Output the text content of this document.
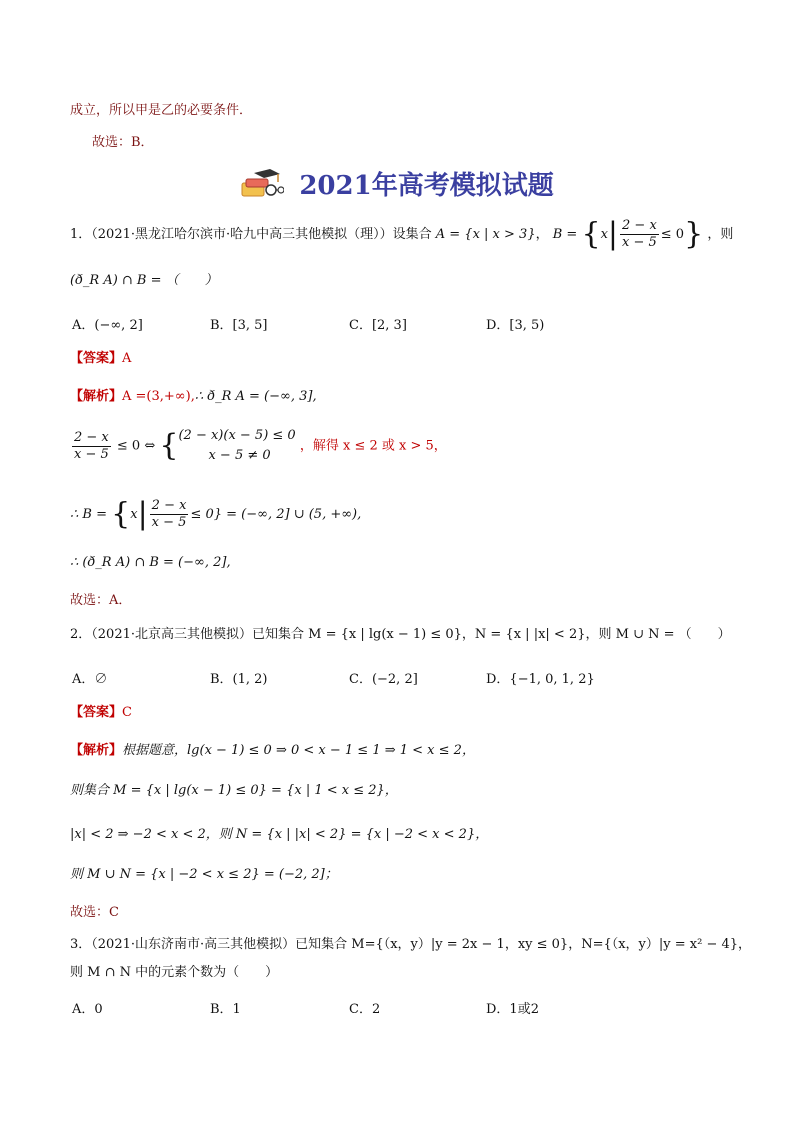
成立，所以甲是乙的必要条件．
故选：B．
2021年高考模拟试题
1．（2021·黑龙江哈尔滨市·哈九中高三其他模拟（理））设集合 A = {x | x > 3}， $B = \{x| \frac{2 - x}{x - 5} \le 0\}$ ，则
(ð_R A) ∩ B = （　　）
A．(−∞, 2]	B．[3, 5]	C．[2, 3]	D．[3, 5)
【答案】A
【解析】A =(3,+∞),∴ ð_R A = (−∞, 3],
$\frac{2 - x}{x - 5} \le 0$ ⇔ { (2 − x)(x − 5) ≤ 0
x − 5 ≠ 0
，解得 x ≤ 2 或 x > 5，
∴ $B = \{x| \frac{2 - x}{x - 5} \le 0\}$ = (−∞, 2] ∪ (5, +∞),
∴ (ð_R A) ∩ B = (−∞, 2],
故选：A．
2．（2021·北京高三其他模拟）已知集合 M = {x | lg(x − 1) ≤ 0}，N = {x | |x| < 2}，则 M ∪ N = （　　）
A．∅	B．(1, 2)	C．(−2, 2]	D．{−1, 0, 1, 2}
【答案】C
【解析】根据题意，lg(x − 1) ≤ 0 ⇒ 0 < x − 1 ≤ 1 ⇒ 1 < x ≤ 2，
则集合 M = {x | lg(x − 1) ≤ 0} = {x | 1 < x ≤ 2}，
|x| < 2 ⇒ −2 < x < 2，则 N = {x | |x| < 2} = {x | −2 < x < 2}，
则 M ∪ N = {x | −2 < x ≤ 2} = (−2, 2]；
故选：C
3．（2021·山东济南市·高三其他模拟）已知集合 M={（x，y）|y = 2x − 1，xy ≤ 0}，N={（x，y）|y = x² − 4}，
则 M ∩ N 中的元素个数为（　　）
A．0	B．1	C．2	D．1或2
